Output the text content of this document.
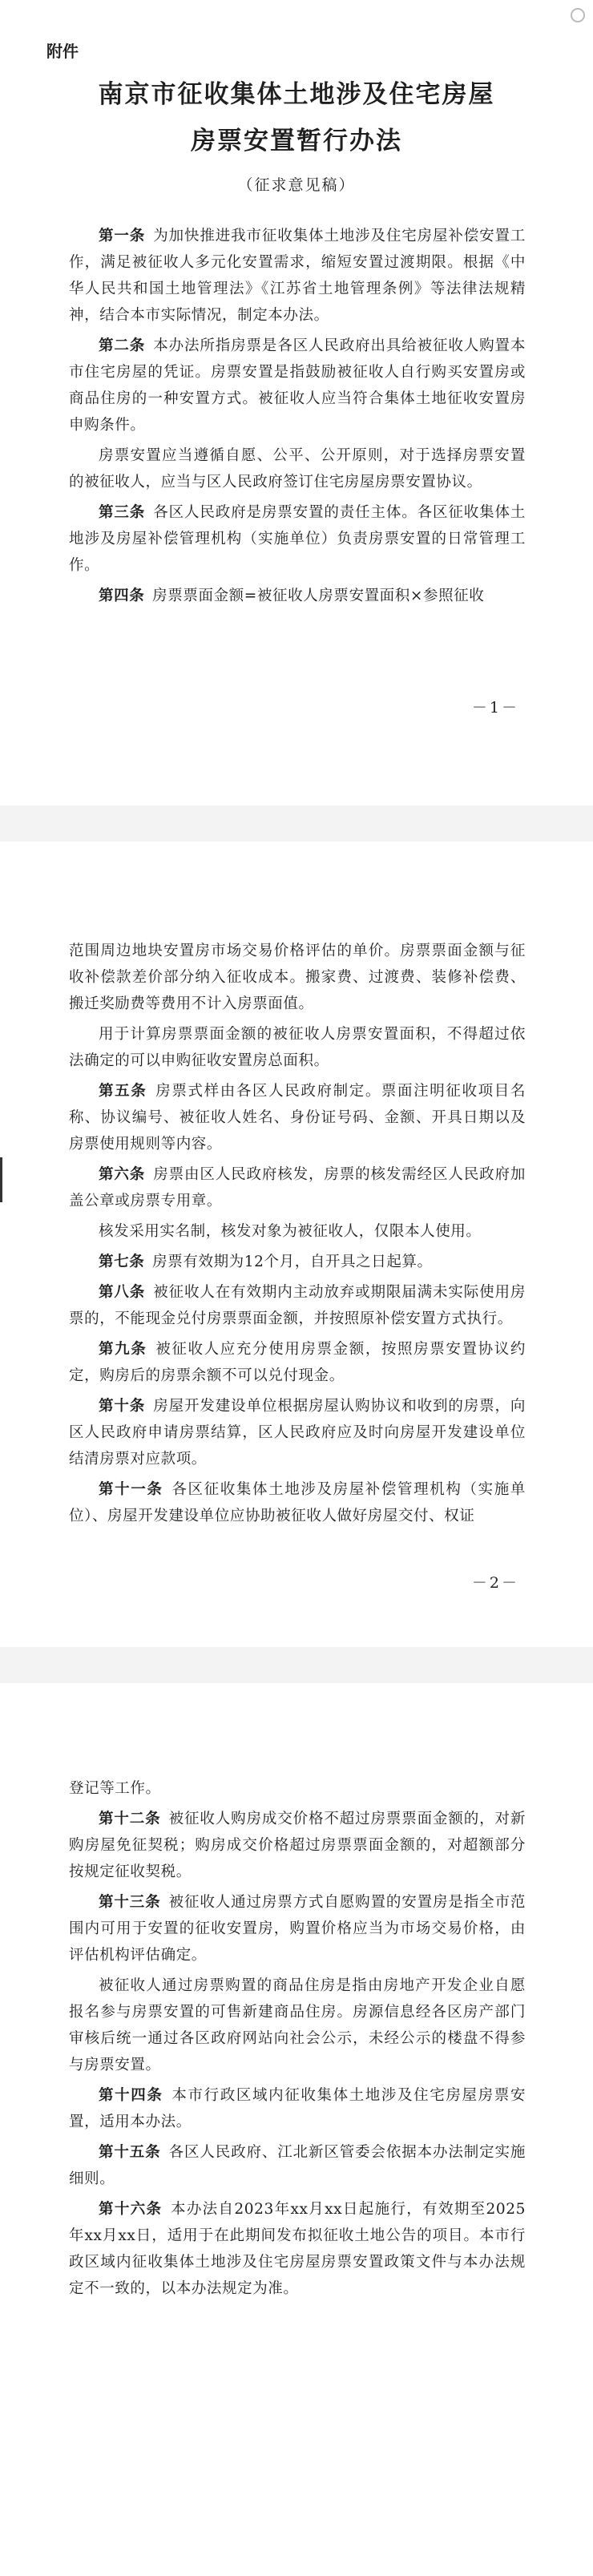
附件
南京市征收集体土地涉及住宅房屋
房票安置暂行办法
（征求意见稿）

第一条  为加快推进我市征收集体土地涉及住宅房屋补偿安置工作，满足被征收人多元化安置需求，缩短安置过渡期限。根据《中华人民共和国土地管理法》《江苏省土地管理条例》等法律法规精神，结合本市实际情况，制定本办法。

第二条  本办法所指房票是各区人民政府出具给被征收人购置本市住宅房屋的凭证。房票安置是指鼓励被征收人自行购买安置房或商品住房的一种安置方式。被征收人应当符合集体土地征收安置房申购条件。

房票安置应当遵循自愿、公平、公开原则，对于选择房票安置的被征收人，应当与区人民政府签订住宅房屋房票安置协议。

第三条  各区人民政府是房票安置的责任主体。各区征收集体土地涉及房屋补偿管理机构（实施单位）负责房票安置的日常管理工作。

第四条  房票票面金额=被征收人房票安置面积×参照征收

－1－

范围周边地块安置房市场交易价格评估的单价。房票票面金额与征收补偿款差价部分纳入征收成本。搬家费、过渡费、装修补偿费、搬迁奖励费等费用不计入房票面值。

用于计算房票票面金额的被征收人房票安置面积，不得超过依法确定的可以申购征收安置房总面积。

第五条  房票式样由各区人民政府制定。票面注明征收项目名称、协议编号、被征收人姓名、身份证号码、金额、开具日期以及房票使用规则等内容。

第六条  房票由区人民政府核发，房票的核发需经区人民政府加盖公章或房票专用章。

核发采用实名制，核发对象为被征收人，仅限本人使用。

第七条  房票有效期为12个月，自开具之日起算。

第八条  被征收人在有效期内主动放弃或期限届满未实际使用房票的，不能现金兑付房票票面金额，并按照原补偿安置方式执行。

第九条  被征收人应充分使用房票金额，按照房票安置协议约定，购房后的房票余额不可以兑付现金。

第十条  房屋开发建设单位根据房屋认购协议和收到的房票，向区人民政府申请房票结算，区人民政府应及时向房屋开发建设单位结清房票对应款项。

第十一条  各区征收集体土地涉及房屋补偿管理机构（实施单位）、房屋开发建设单位应协助被征收人做好房屋交付、权证

－2－

登记等工作。

第十二条  被征收人购房成交价格不超过房票票面金额的，对新购房屋免征契税；购房成交价格超过房票票面金额的，对超额部分按规定征收契税。

第十三条  被征收人通过房票方式自愿购置的安置房是指全市范围内可用于安置的征收安置房，购置价格应当为市场交易价格，由评估机构评估确定。

被征收人通过房票购置的商品住房是指由房地产开发企业自愿报名参与房票安置的可售新建商品住房。房源信息经各区房产部门审核后统一通过各区政府网站向社会公示，未经公示的楼盘不得参与房票安置。

第十四条  本市行政区域内征收集体土地涉及住宅房屋房票安置，适用本办法。

第十五条  各区人民政府、江北新区管委会依据本办法制定实施细则。

第十六条  本办法自2023年xx月xx日起施行，有效期至2025年xx月xx日，适用于在此期间发布拟征收土地公告的项目。本市行政区域内征收集体土地涉及住宅房屋房票安置政策文件与本办法规定不一致的，以本办法规定为准。
